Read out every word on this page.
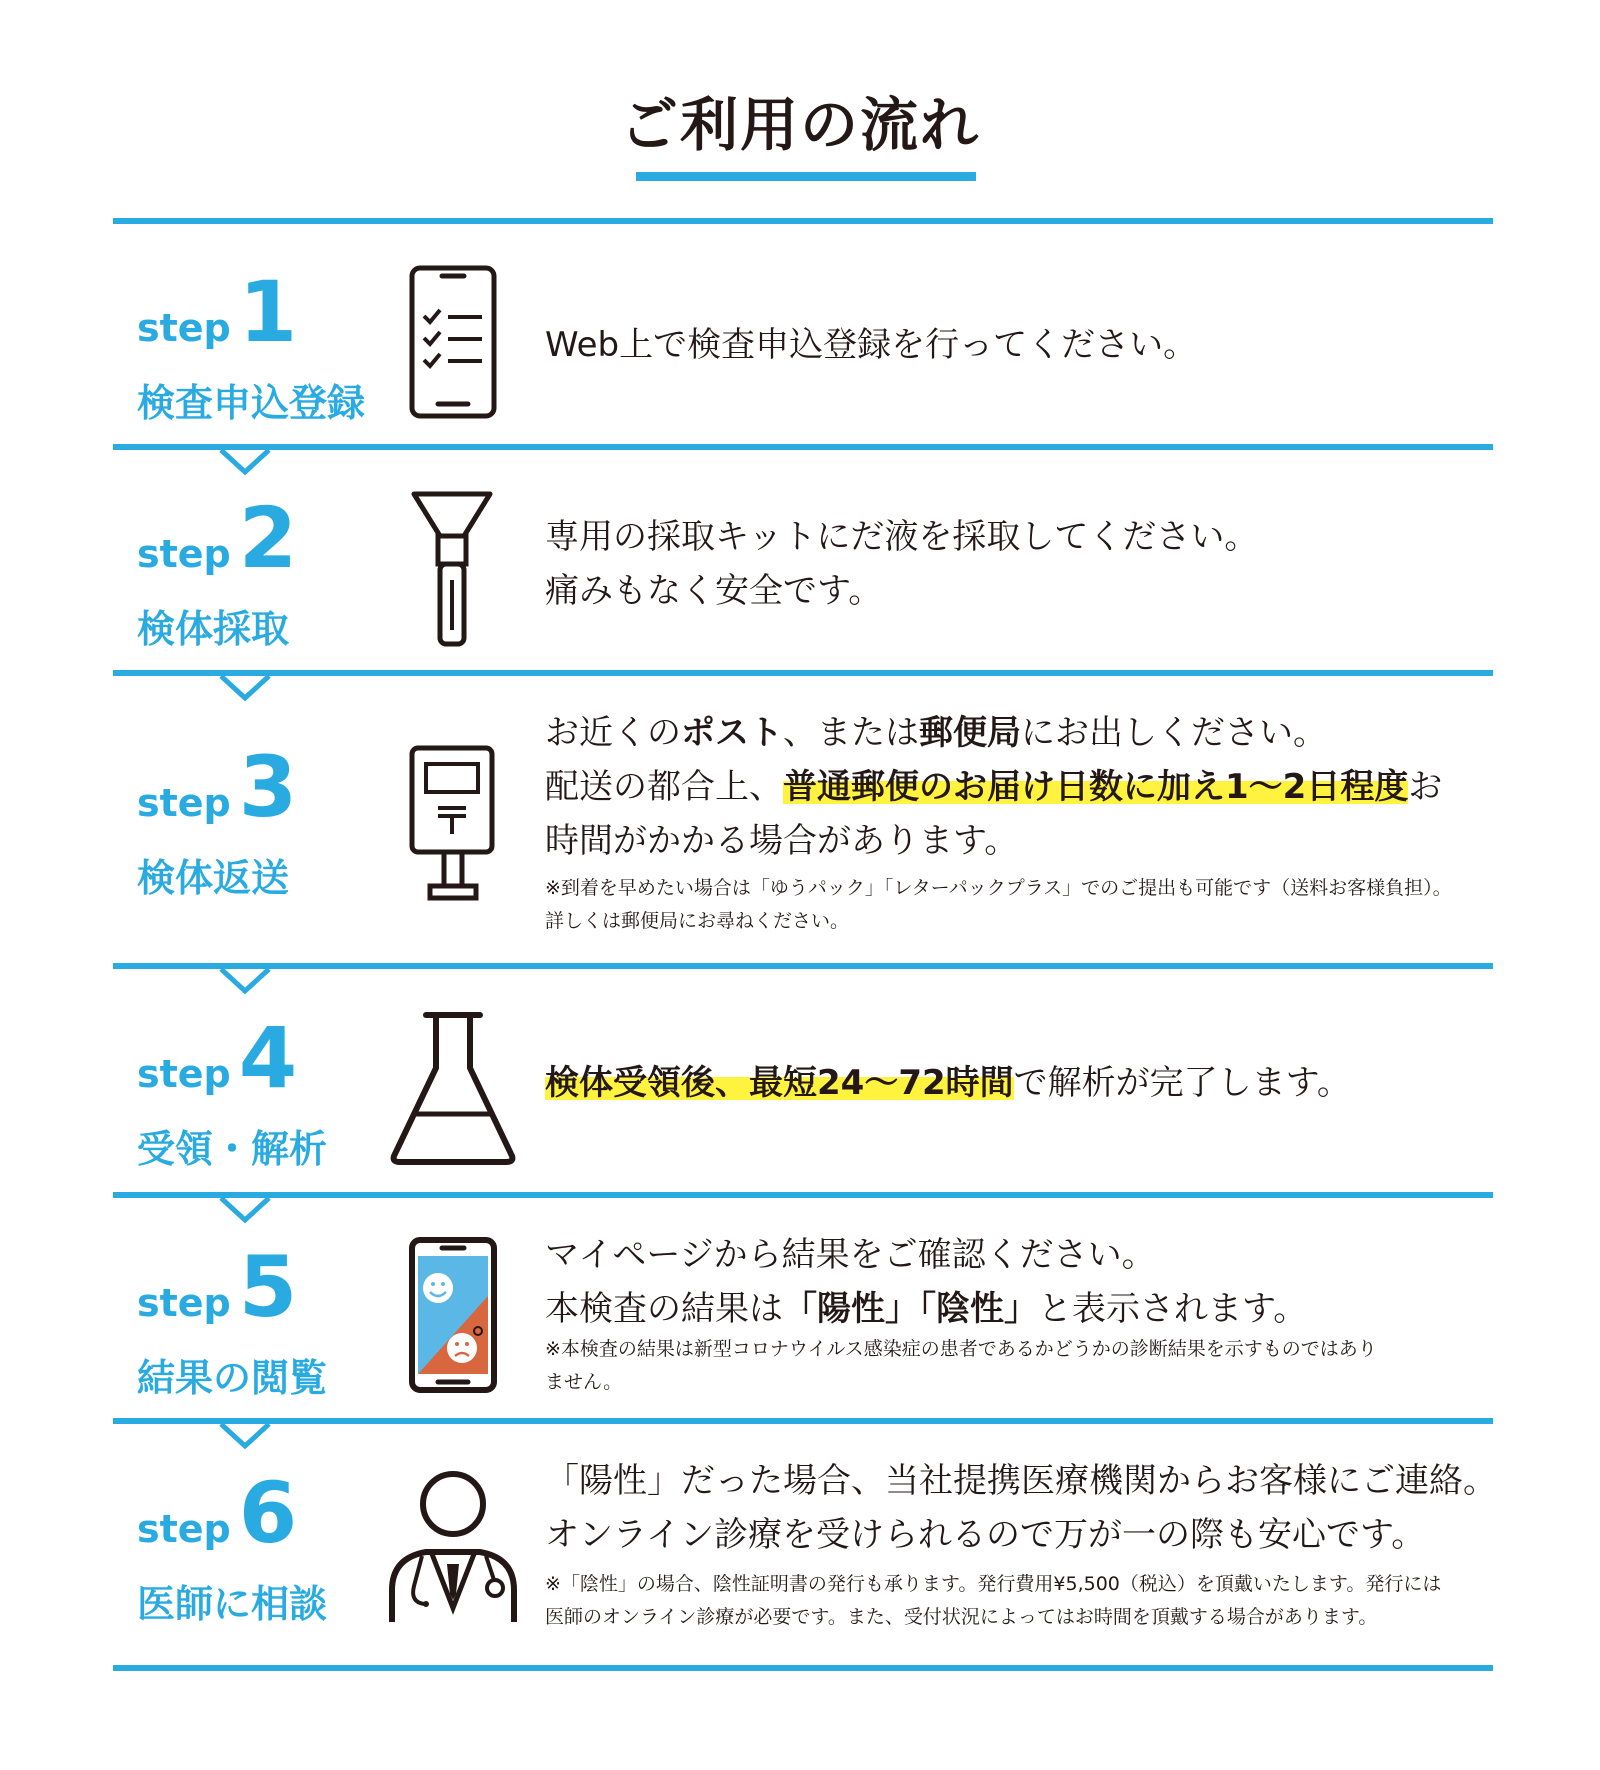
ご利用の流れ
step1
検査申込登録
Web上で検査申込登録を行ってください。
step2
検体採取
専用の採取キットにだ液を採取してください。
痛みもなく安全です。
step3
検体返送
お近くのポスト、または郵便局にお出しください。
配送の都合上、普通郵便のお届け日数に加え1〜2日程度お
時間がかかる場合があります。
※到着を早めたい場合は「ゆうパック」「レターパックプラス」でのご提出も可能です（送料お客様負担）。
詳しくは郵便局にお尋ねください。
step4
受領・解析
検体受領後、最短24〜72時間で解析が完了します。
step5
結果の閲覧
マイページから結果をご確認ください。
本検査の結果は「陽性」「陰性」と表示されます。
※本検査の結果は新型コロナウイルス感染症の患者であるかどうかの診断結果を示すものではあり
ません。
step6
医師に相談
「陽性」だった場合、当社提携医療機関からお客様にご連絡。
オンライン診療を受けられるので万が一の際も安心です。
※「陰性」の場合、陰性証明書の発行も承ります。発行費用¥5,500（税込）を頂戴いたします。発行には
医師のオンライン診療が必要です。また、受付状況によってはお時間を頂戴する場合があります。
